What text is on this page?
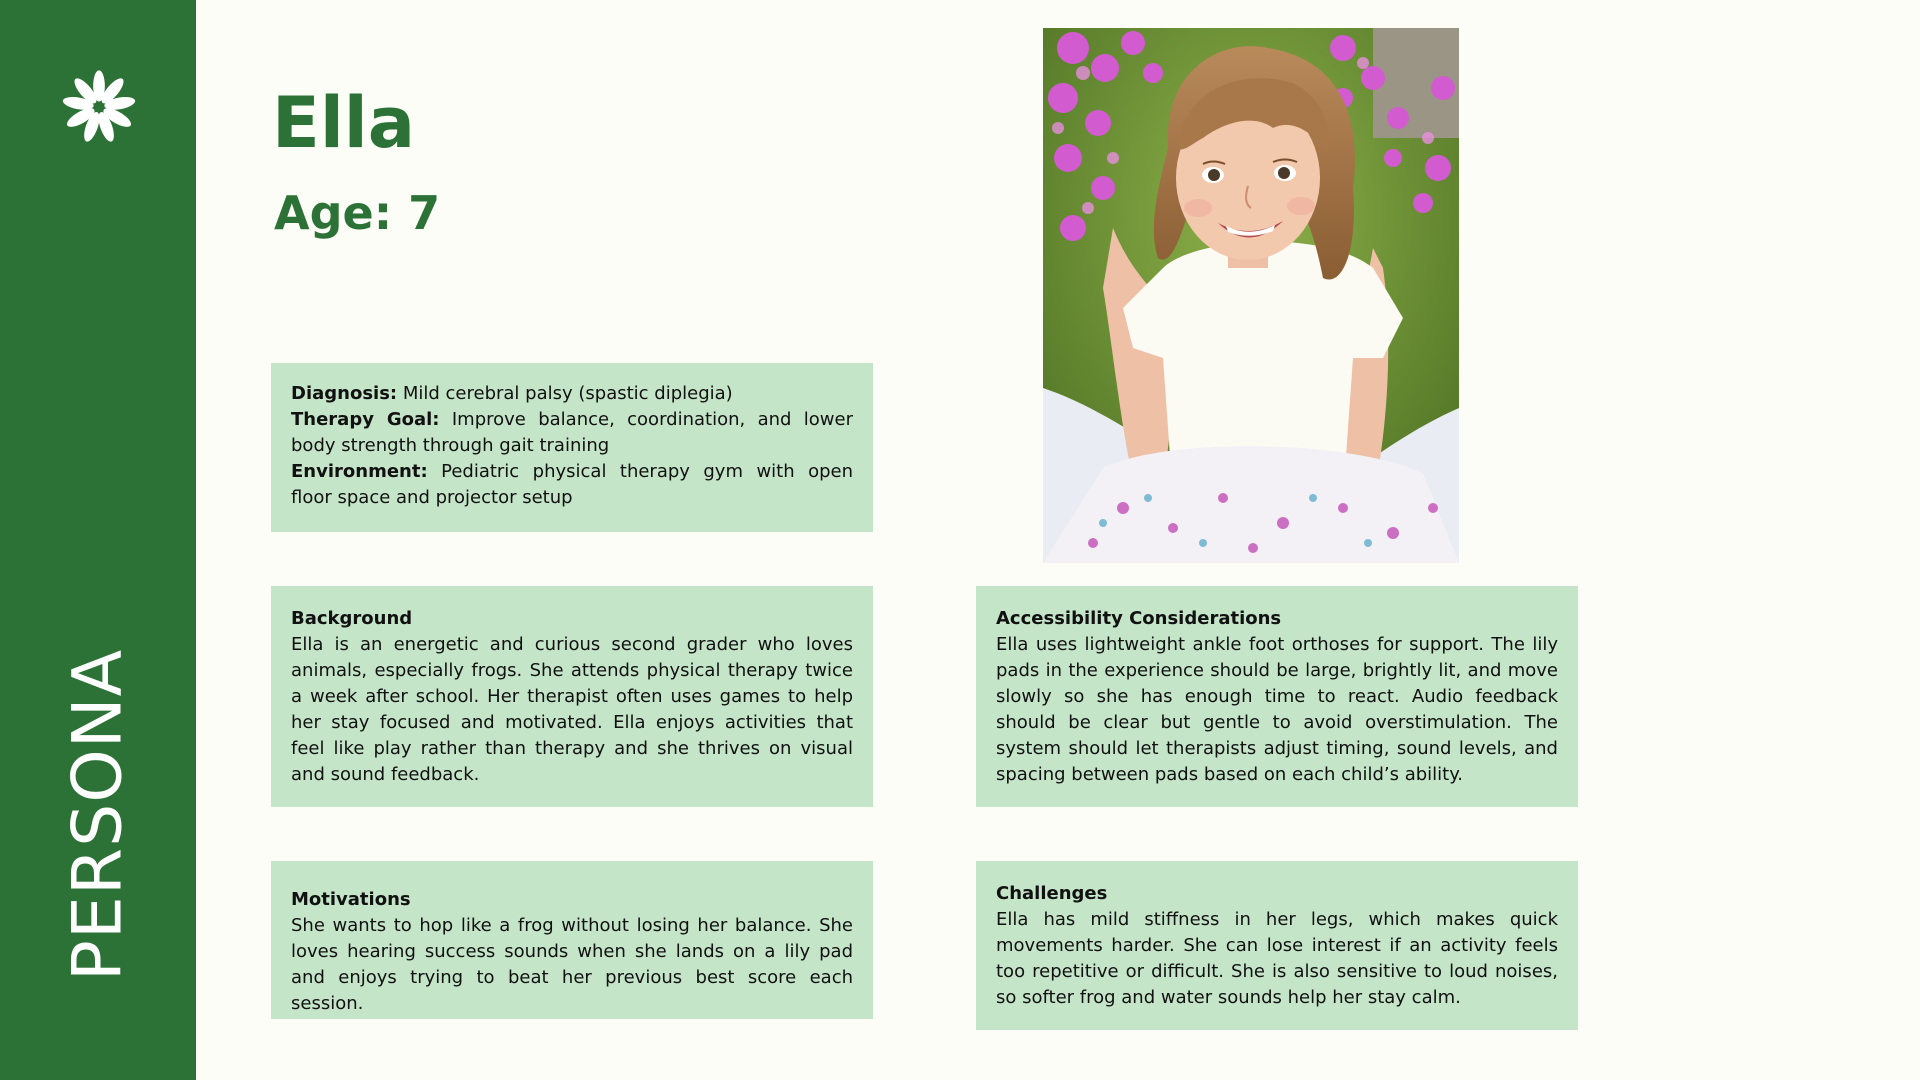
PERSONA
Ella
Age: 7

Diagnosis: Mild cerebral palsy (spastic diplegia)

Therapy Goal: Improve balance, coordination, and lower body strength through gait training

Environment: Pediatric physical therapy gym with open floor space and projector setup

Background

Ella is an energetic and curious second grader who loves animals, especially frogs. She attends physical therapy twice a week after school. Her therapist often uses games to help her stay focused and motivated. Ella enjoys activities that feel like play rather than therapy and she thrives on visual and sound feedback.

Accessibility Considerations

Ella uses lightweight ankle foot orthoses for support. The lily pads in the experience should be large, brightly lit, and move slowly so she has enough time to react. Audio feedback should be clear but gentle to avoid overstimulation. The system should let therapists adjust timing, sound levels, and spacing between pads based on each child’s ability.

Motivations

She wants to hop like a frog without losing her balance. She loves hearing success sounds when she lands on a lily pad and enjoys trying to beat her previous best score each session.

Challenges

Ella has mild stiffness in her legs, which makes quick movements harder. She can lose interest if an activity feels too repetitive or difficult. She is also sensitive to loud noises, so softer frog and water sounds help her stay calm.
